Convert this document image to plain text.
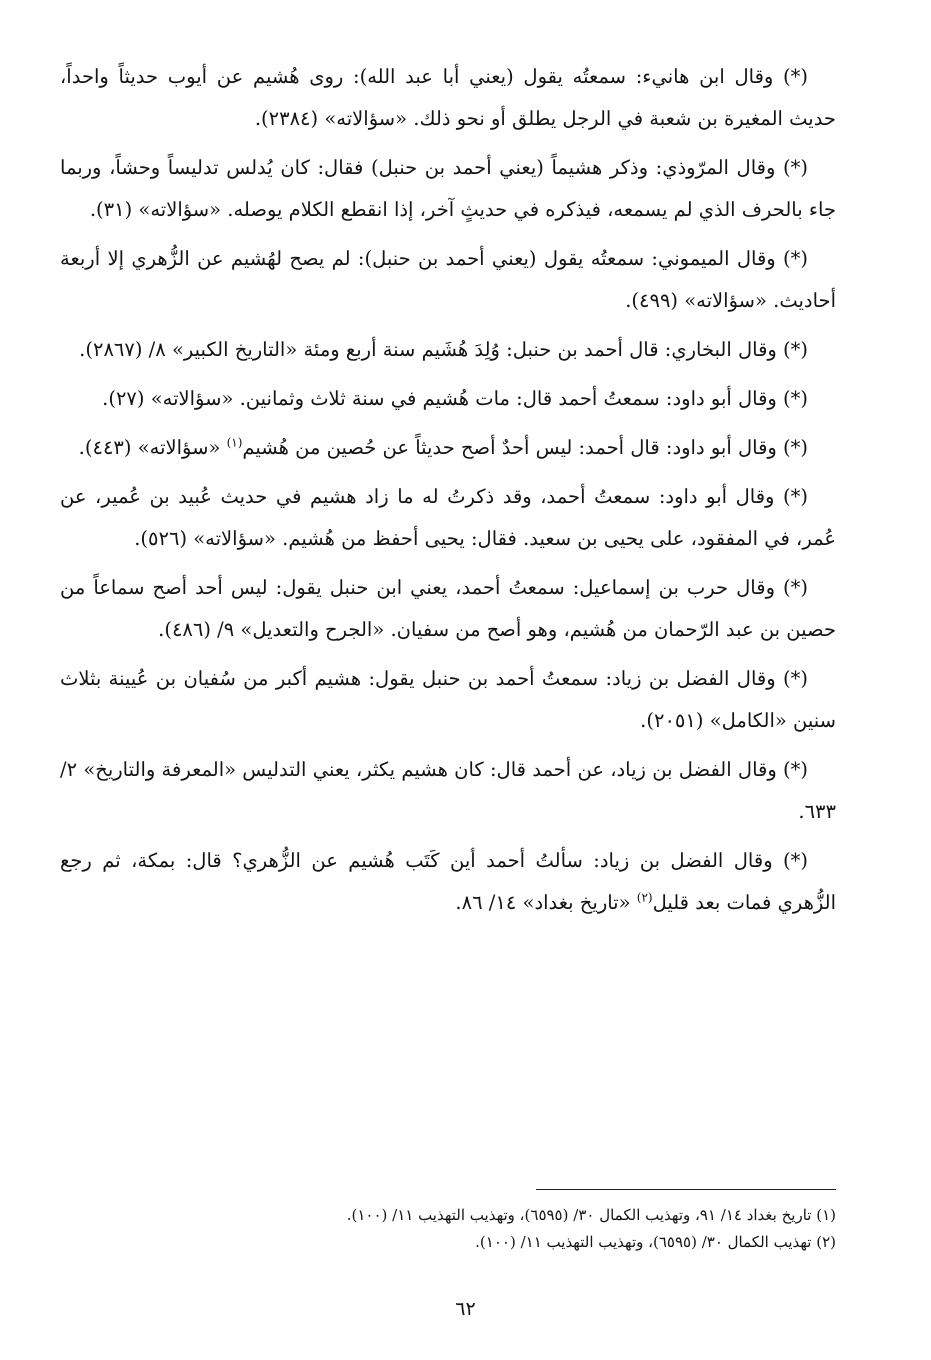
(*) وقال ابن هانيء: سمعتُه يقول (يعني أبا عبد الله): روى هُشيم عن أيوب حديثاً واحداً، حديث المغيرة بن شعبة في الرجل يطلق أو نحو ذلك. «سؤالاته» (٢٣٨٤).

(*) وقال المرّوذي: وذكر هشيماً (يعني أحمد بن حنبل) فقال: كان يُدلس تدليساً وحشاً، وربما جاء بالحرف الذي لم يسمعه، فيذكره في حديثٍ آخر، إذا انقطع الكلام يوصله. «سؤالاته» (٣١).

(*) وقال الميموني: سمعتُه يقول (يعني أحمد بن حنبل): لم يصح لهُشيم عن الزُّهري إلا أربعة أحاديث. «سؤالاته» (٤٩٩).

(*) وقال البخاري: قال أحمد بن حنبل: وُلِدَ هُشَيم سنة أربع ومئة «التاريخ الكبير» ٨/ (٢٨٦٧).

(*) وقال أبو داود: سمعتُ أحمد قال: مات هُشيم في سنة ثلاث وثمانين. «سؤالاته» (٢٧).

(*) وقال أبو داود: قال أحمد: ليس أحدٌ أصح حديثاً عن حُصين من هُشيم$^{(١)}$ «سؤالاته» (٤٤٣).

(*) وقال أبو داود: سمعتُ أحمد، وقد ذكرتُ له ما زاد هشيم في حديث عُبيد بن عُمير، عن عُمر، في المفقود، على يحيى بن سعيد. فقال: يحيى أحفظ من هُشيم. «سؤالاته» (٥٢٦).

(*) وقال حرب بن إسماعيل: سمعتُ أحمد، يعني ابن حنبل يقول: ليس أحد أصح سماعاً من حصين بن عبد الرّحمان من هُشيم، وهو أصح من سفيان. «الجرح والتعديل» ٩/ (٤٨٦).

(*) وقال الفضل بن زياد: سمعتُ أحمد بن حنبل يقول: هشيم أكبر من سُفيان بن عُيينة بثلاث سنين «الكامل» (٢٠٥١).

(*) وقال الفضل بن زياد، عن أحمد قال: كان هشيم يكثر، يعني التدليس «المعرفة والتاريخ» ٢/ ٦٣٣.

(*) وقال الفضل بن زياد: سألتُ أحمد أين كَتَب هُشيم عن الزُّهري؟ قال: بمكة، ثم رجع الزُّهري فمات بعد قليل$^{(٢)}$ «تاريخ بغداد» ١٤/ ٨٦.

(١) تاريخ بغداد ١٤/ ٩١، وتهذيب الكمال ٣٠/ (٦٥٩٥)، وتهذيب التهذيب ١١/ (١٠٠).

(٢) تهذيب الكمال ٣٠/ (٦٥٩٥)، وتهذيب التهذيب ١١/ (١٠٠).

٦٢
